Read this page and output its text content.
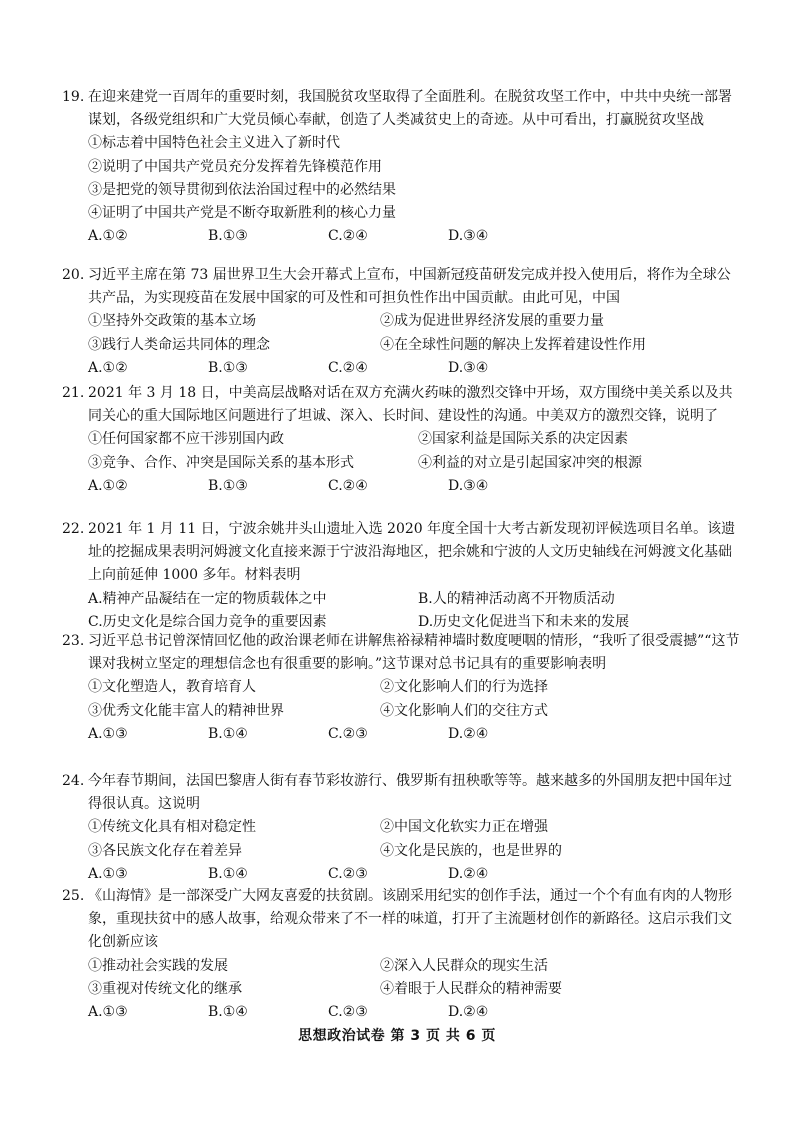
19. 在迎来建党一百周年的重要时刻，我国脱贫攻坚取得了全面胜利。在脱贫攻坚工作中，中共中央统一部署谋划，各级党组织和广大党员倾心奉献，创造了人类减贫史上的奇迹。从中可看出，打赢脱贫攻坚战
①标志着中国特色社会主义进入了新时代
②说明了中国共产党员充分发挥着先锋模范作用
③是把党的领导贯彻到依法治国过程中的必然结果
④证明了中国共产党是不断夺取新胜利的核心力量
A.①②	B.①③	C.②④	D.③④
20. 习近平主席在第 73 届世界卫生大会开幕式上宣布，中国新冠疫苗研发完成并投入使用后，将作为全球公共产品，为实现疫苗在发展中国家的可及性和可担负性作出中国贡献。由此可见，中国
①坚持外交政策的基本立场	②成为促进世界经济发展的重要力量
③践行人类命运共同体的理念	④在全球性问题的解决上发挥着建设性作用
A.①②	B.①③	C.②④	D.③④
21. 2021 年 3 月 18 日，中美高层战略对话在双方充满火药味的激烈交锋中开场，双方围绕中美关系以及共同关心的重大国际地区问题进行了坦诚、深入、长时间、建设性的沟通。中美双方的激烈交锋，说明了
①任何国家都不应干涉别国内政	②国家利益是国际关系的决定因素
③竞争、合作、冲突是国际关系的基本形式	④利益的对立是引起国家冲突的根源
A.①②	B.①③	C.②④	D.③④
22. 2021 年 1 月 11 日，宁波余姚井头山遗址入选 2020 年度全国十大考古新发现初评候选项目名单。该遗址的挖掘成果表明河姆渡文化直接来源于宁波沿海地区，把余姚和宁波的人文历史轴线在河姆渡文化基础上向前延伸 1000 多年。材料表明
A.精神产品凝结在一定的物质载体之中	B.人的精神活动离不开物质活动
C.历史文化是综合国力竞争的重要因素	D.历史文化促进当下和未来的发展
23. 习近平总书记曾深情回忆他的政治课老师在讲解焦裕禄精神墙时数度哽咽的情形，“我听了很受震撼”“这节课对我树立坚定的理想信念也有很重要的影响。”这节课对总书记具有的重要影响表明
①文化塑造人，教育培育人	②文化影响人们的行为选择
③优秀文化能丰富人的精神世界	④文化影响人们的交往方式
A.①③	B.①④	C.②③	D.②④
24. 今年春节期间，法国巴黎唐人街有春节彩妆游行、俄罗斯有扭秧歌等等。越来越多的外国朋友把中国年过得很认真。这说明
①传统文化具有相对稳定性	②中国文化软实力正在增强
③各民族文化存在着差异	④文化是民族的，也是世界的
A.①③	B.①④	C.②③	D.②④
25. 《山海情》是一部深受广大网友喜爱的扶贫剧。该剧采用纪实的创作手法，通过一个个有血有肉的人物形象，重现扶贫中的感人故事，给观众带来了不一样的味道，打开了主流题材创作的新路径。这启示我们文化创新应该
①推动社会实践的发展	②深入人民群众的现实生活
③重视对传统文化的继承	④着眼于人民群众的精神需要
A.①③	B.①④	C.②③	D.②④
思想政治试卷 第 3 页 共 6 页
